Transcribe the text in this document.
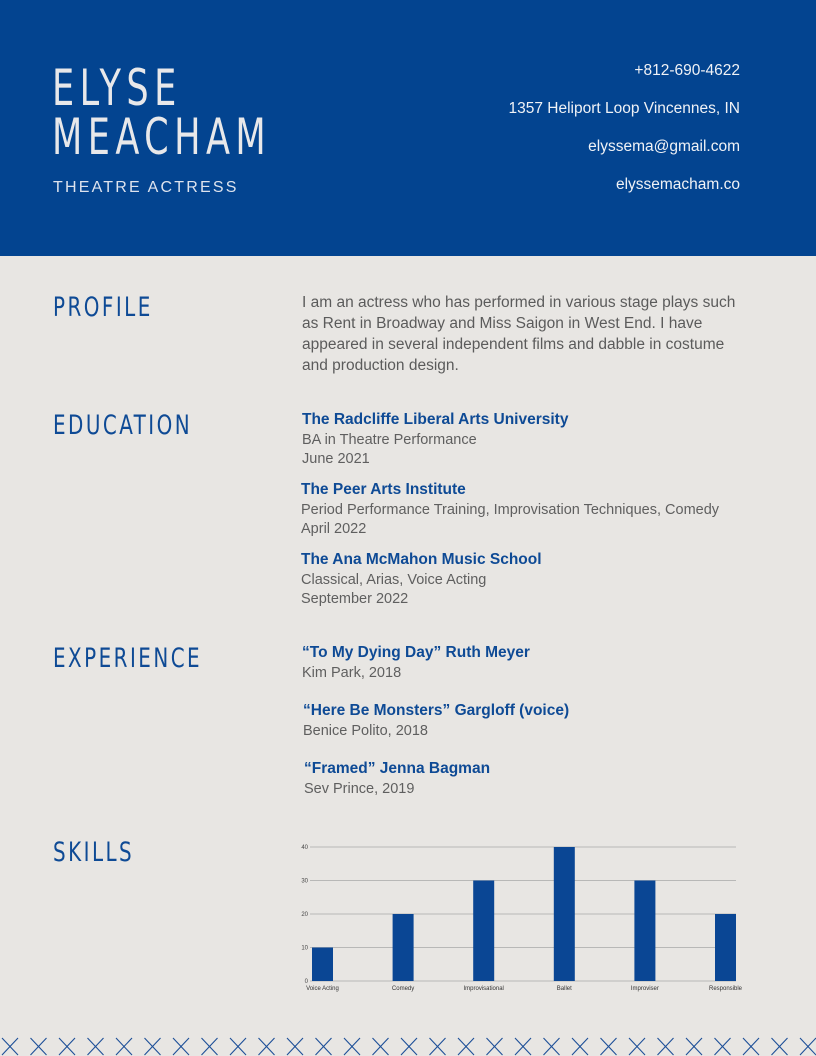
ELYSE
MEACHAM
THEATRE ACTRESS
+812-690-4622
1357 Heliport Loop Vincennes, IN
elyssema@gmail.com
elyssemacham.co
PROFILE	I am an actress who has performed in various stage plays such as Rent in Broadway and Miss Saigon in West End. I have appeared in several independent films and dabble in costume and production design.
EDUCATION	The Radcliffe Liberal Arts University
BA in Theatre Performance
June 2021
The Peer Arts Institute
Period Performance Training, Improvisation Techniques, Comedy
April 2022
The Ana McMahon Music School
Classical, Arias, Voice Acting
September 2022
EXPERIENCE	“To My Dying Day” Ruth Meyer
Kim Park, 2018
“Here Be Monsters” Gargloff (voice)
Benice Polito, 2018
“Framed” Jenna Bagman
Sev Prince, 2019
SKILLS
0
10
20
30
40
Voice Acting	Comedy	Improvisational	Ballet	Improviser	Responsible
